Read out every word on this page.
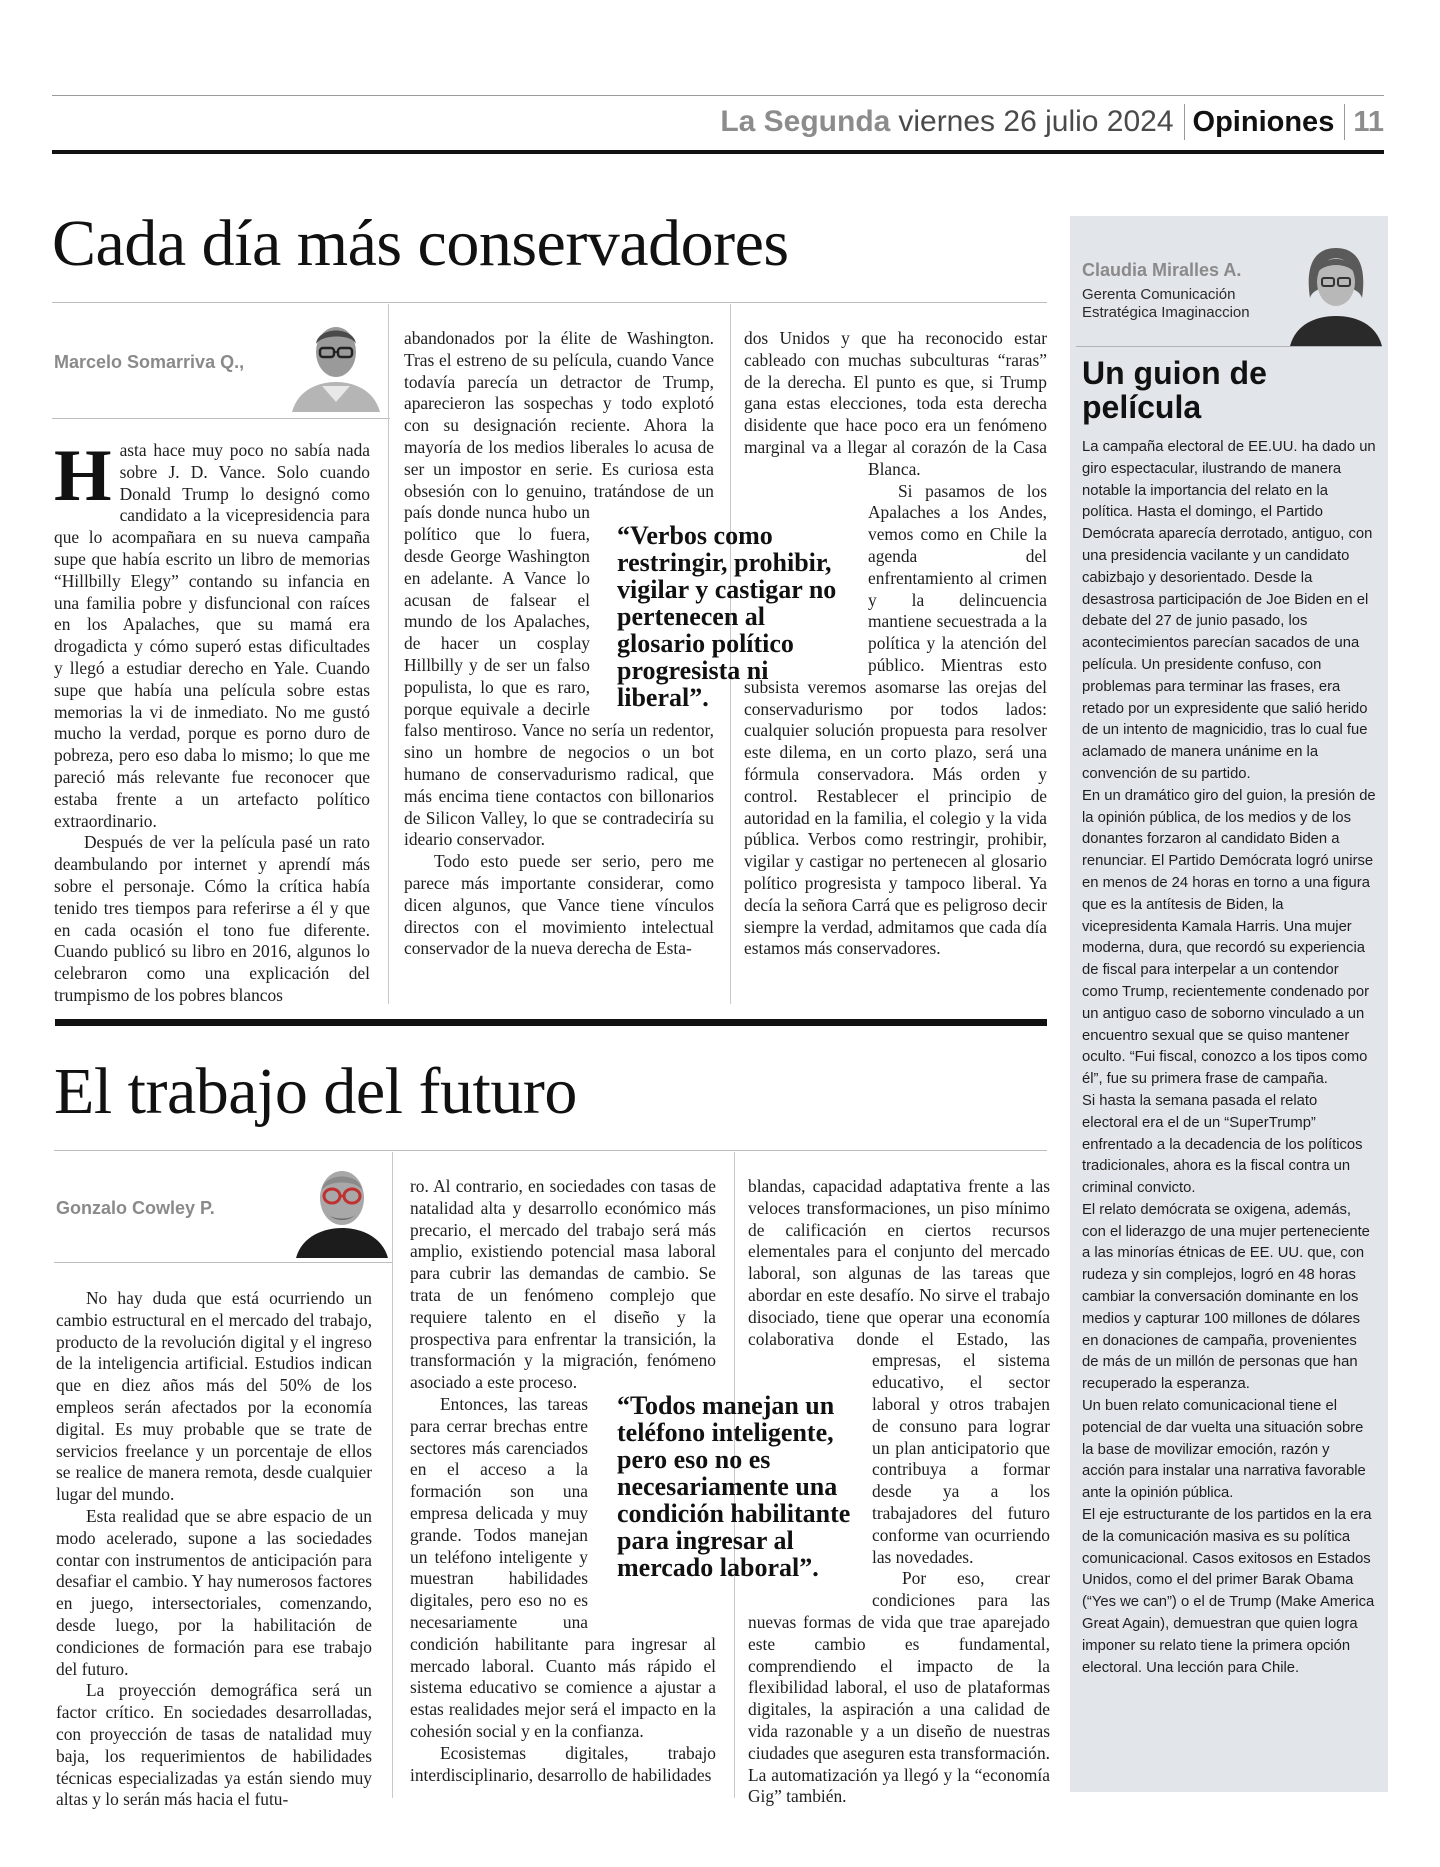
La Segunda viernes 26 julio 2024 Opiniones 11
Cada día más conservadores
Marcelo Somarriva Q.,

Hasta hace muy poco no sabía nada sobre J. D. Vance. Solo cuando Donald Trump lo designó como candidato a la vicepresidencia para que lo acompañara en su nueva campaña supe que había escrito un libro de memorias “Hillbilly Elegy” contando su infancia en una familia pobre y disfuncional con raíces en los Apalaches, que su mamá era drogadicta y cómo superó estas dificultades y llegó a estudiar derecho en Yale. Cuando supe que había una película sobre estas memorias la vi de inmediato. No me gustó mucho la verdad, porque es porno duro de pobreza, pero eso daba lo mismo; lo que me pareció más relevante fue reconocer que estaba frente a un artefacto político extraordinario.

Después de ver la película pasé un rato deambulando por internet y aprendí más sobre el personaje. Cómo la crítica había tenido tres tiempos para referirse a él y que en cada ocasión el tono fue diferente. Cuando publicó su libro en 2016, algunos lo celebraron como una explicación del trumpismo de los pobres blancos

abandonados por la élite de Washington. Tras el estreno de su película, cuando Vance todavía parecía un detractor de Trump, aparecieron las sospechas y todo explotó con su designación reciente. Ahora la mayoría de los medios liberales lo acusa de ser un impostor en serie. Es curiosa esta obsesión con lo genuino, tratándose de un país donde nunca hubo un político que lo fuera, desde George Washington en adelante. A Vance lo acusan de falsear el mundo de los Apalaches, de hacer un cosplay Hillbilly y de ser un falso populista, lo que es raro, porque equivale a decirle falso mentiroso. Vance no sería un redentor, sino un hombre de negocios o un bot humano de conservadurismo radical, que más encima tiene contactos con billonarios de Silicon Valley, lo que se contradeciría su ideario conservador.

Todo esto puede ser serio, pero me parece más importante considerar, como dicen algunos, que Vance tiene vínculos directos con el movimiento intelectual conservador de la nueva derecha de Esta-

dos Unidos y que ha reconocido estar cableado con muchas subculturas “raras” de la derecha. El punto es que, si Trump gana estas elecciones, toda esta derecha disidente que hace poco era un fenómeno marginal va a llegar al corazón de la Casa Blanca.

Si pasamos de los Apalaches a los Andes, vemos como en Chile la agenda del enfrentamiento al crimen y la delincuencia mantiene secuestrada a la política y la atención del público. Mientras esto subsista veremos asomarse las orejas del conservadurismo por todos lados: cualquier solución propuesta para resolver este dilema, en un corto plazo, será una fórmula conservadora. Más orden y control. Restablecer el principio de autoridad en la familia, el colegio y la vida pública. Verbos como restringir, prohibir, vigilar y castigar no pertenecen al glosario político progresista y tampoco liberal. Ya decía la señora Carrá que es peligroso decir siempre la verdad, admitamos que cada día estamos más conservadores.

“Verbos como restringir, prohibir, vigilar y castigar no pertenecen al glosario político progresista ni liberal”.
El trabajo del futuro
Gonzalo Cowley P.

No hay duda que está ocurriendo un cambio estructural en el mercado del trabajo, producto de la revolución digital y el ingreso de la inteligencia artificial. Estudios indican que en diez años más del 50% de los empleos serán afectados por la economía digital. Es muy probable que se trate de servicios freelance y un porcentaje de ellos se realice de manera remota, desde cualquier lugar del mundo.

Esta realidad que se abre espacio de un modo acelerado, supone a las sociedades contar con instrumentos de anticipación para desafiar el cambio. Y hay numerosos factores en juego, intersectoriales, comenzando, desde luego, por la habilitación de condiciones de formación para ese trabajo del futuro.

La proyección demográfica será un factor crítico. En sociedades desarrolladas, con proyección de tasas de natalidad muy baja, los requerimientos de habilidades técnicas especializadas ya están siendo muy altas y lo serán más hacia el futu-

ro. Al contrario, en sociedades con tasas de natalidad alta y desarrollo económico más precario, el mercado del trabajo será más amplio, existiendo potencial masa laboral para cubrir las demandas de cambio. Se trata de un fenómeno complejo que requiere talento en el diseño y la prospectiva para enfrentar la transición, la transformación y la migración, fenómeno asociado a este proceso.

Entonces, las tareas para cerrar brechas entre sectores más carenciados en el acceso a la formación son una empresa delicada y muy grande. Todos manejan un teléfono inteligente y muestran habilidades digitales, pero eso no es necesariamente una condición habilitante para ingresar al mercado laboral. Cuanto más rápido el sistema educativo se comience a ajustar a estas realidades mejor será el impacto en la cohesión social y en la confianza.

Ecosistemas digitales, trabajo interdisciplinario, desarrollo de habilidades

blandas, capacidad adaptativa frente a las veloces transformaciones, un piso mínimo de calificación en ciertos recursos elementales para el conjunto del mercado laboral, son algunas de las tareas que abordar en este desafío. No sirve el trabajo disociado, tiene que operar una economía colaborativa donde el Estado, las empresas, el sistema educativo, el sector laboral y otros trabajen de consuno para lograr un plan anticipatorio que contribuya a formar desde ya a los trabajadores del futuro conforme van ocurriendo las novedades.

Por eso, crear condiciones para las nuevas formas de vida que trae aparejado este cambio es fundamental, comprendiendo el impacto de la flexibilidad laboral, el uso de plataformas digitales, la aspiración a una calidad de vida razonable y a un diseño de nuestras ciudades que aseguren esta transformación. La automatización ya llegó y la “economía Gig” también.

“Todos manejan un teléfono inteligente, pero eso no es necesariamente una condición habilitante para ingresar al mercado laboral”.
Claudia Miralles A.
Gerenta Comunicación Estratégica Imaginaccion
Un guion de película

La campaña electoral de EE.UU. ha dado un giro espectacular, ilustrando de manera notable la importancia del relato en la política. Hasta el domingo, el Partido Demócrata aparecía derrotado, antiguo, con una presidencia vacilante y un candidato cabizbajo y desorientado. Desde la desastrosa participación de Joe Biden en el debate del 27 de junio pasado, los acontecimientos parecían sacados de una película. Un presidente confuso, con problemas para terminar las frases, era retado por un expresidente que salió herido de un intento de magnicidio, tras lo cual fue aclamado de manera unánime en la convención de su partido.

En un dramático giro del guion, la presión de la opinión pública, de los medios y de los donantes forzaron al candidato Biden a renunciar. El Partido Demócrata logró unirse en menos de 24 horas en torno a una figura que es la antítesis de Biden, la vicepresidenta Kamala Harris. Una mujer moderna, dura, que recordó su experiencia de fiscal para interpelar a un contendor como Trump, recientemente condenado por un antiguo caso de soborno vinculado a un encuentro sexual que se quiso mantener oculto. “Fui fiscal, conozco a los tipos como él”, fue su primera frase de campaña.

Si hasta la semana pasada el relato electoral era el de un “SuperTrump” enfrentado a la decadencia de los políticos tradicionales, ahora es la fiscal contra un criminal convicto.

El relato demócrata se oxigena, además, con el liderazgo de una mujer perteneciente a las minorías étnicas de EE. UU. que, con rudeza y sin complejos, logró en 48 horas cambiar la conversación dominante en los medios y capturar 100 millones de dólares en donaciones de campaña, provenientes de más de un millón de personas que han recuperado la esperanza.

Un buen relato comunicacional tiene el potencial de dar vuelta una situación sobre la base de movilizar emoción, razón y acción para instalar una narrativa favorable ante la opinión pública.

El eje estructurante de los partidos en la era de la comunicación masiva es su política comunicacional. Casos exitosos en Estados Unidos, como el del primer Barak Obama (“Yes we can”) o el de Trump (Make America Great Again), demuestran que quien logra imponer su relato tiene la primera opción electoral. Una lección para Chile.
